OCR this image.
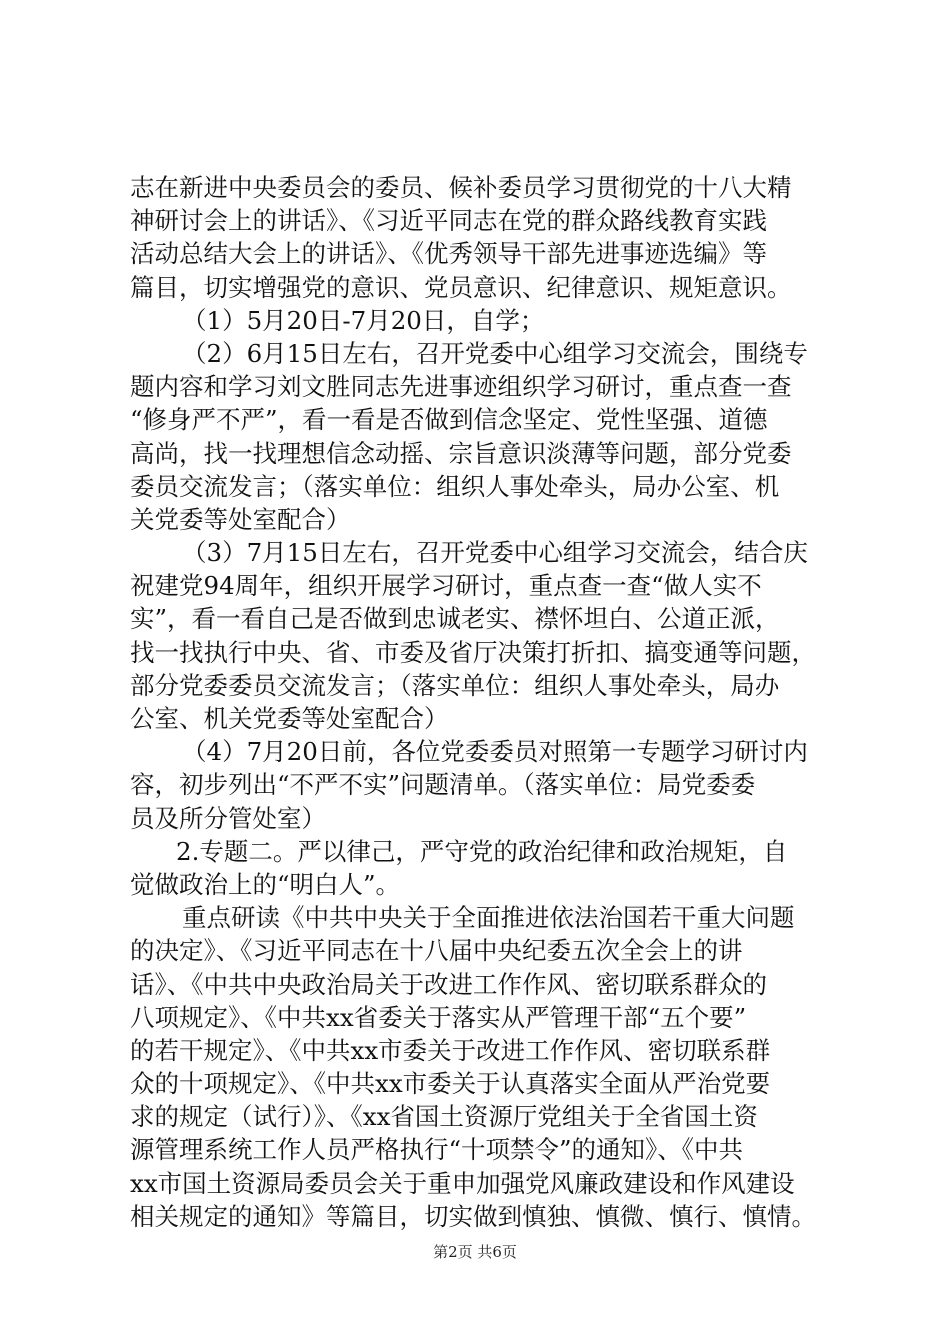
志在新进中央委员会的委员、候补委员学习贯彻党的十八大精
神研讨会上的讲话》、《习近平同志在党的群众路线教育实践
活动总结大会上的讲话》、《优秀领导干部先进事迹选编》等
篇目，切实增强党的意识、党员意识、纪律意识、规矩意识。
（1）5月20日-7月20日，自学；
（2）6月15日左右，召开党委中心组学习交流会，围绕专
题内容和学习刘文胜同志先进事迹组织学习研讨，重点查一查
“修身严不严”，看一看是否做到信念坚定、党性坚强、道德
高尚，找一找理想信念动摇、宗旨意识淡薄等问题，部分党委
委员交流发言；（落实单位：组织人事处牵头，局办公室、机
关党委等处室配合）
（3）7月15日左右，召开党委中心组学习交流会，结合庆
祝建党94周年，组织开展学习研讨，重点查一查“做人实不
实”，看一看自己是否做到忠诚老实、襟怀坦白、公道正派，
找一找执行中央、省、市委及省厅决策打折扣、搞变通等问题，
部分党委委员交流发言；（落实单位：组织人事处牵头，局办
公室、机关党委等处室配合）
（4）7月20日前，各位党委委员对照第一专题学习研讨内
容，初步列出“不严不实”问题清单。（落实单位：局党委委
员及所分管处室）
2.专题二。严以律己，严守党的政治纪律和政治规矩，自
觉做政治上的“明白人”。
重点研读《中共中央关于全面推进依法治国若干重大问题
的决定》、《习近平同志在十八届中央纪委五次全会上的讲
话》、《中共中央政治局关于改进工作作风、密切联系群众的
八项规定》、《中共xx省委关于落实从严管理干部“五个要”
的若干规定》、《中共xx市委关于改进工作作风、密切联系群
众的十项规定》、《中共xx市委关于认真落实全面从严治党要
求的规定（试行）》、《xx省国土资源厅党组关于全省国土资
源管理系统工作人员严格执行“十项禁令”的通知》、《中共
xx市国土资源局委员会关于重申加强党风廉政建设和作风建设
相关规定的通知》等篇目，切实做到慎独、慎微、慎行、慎情。
第2页 共6页
